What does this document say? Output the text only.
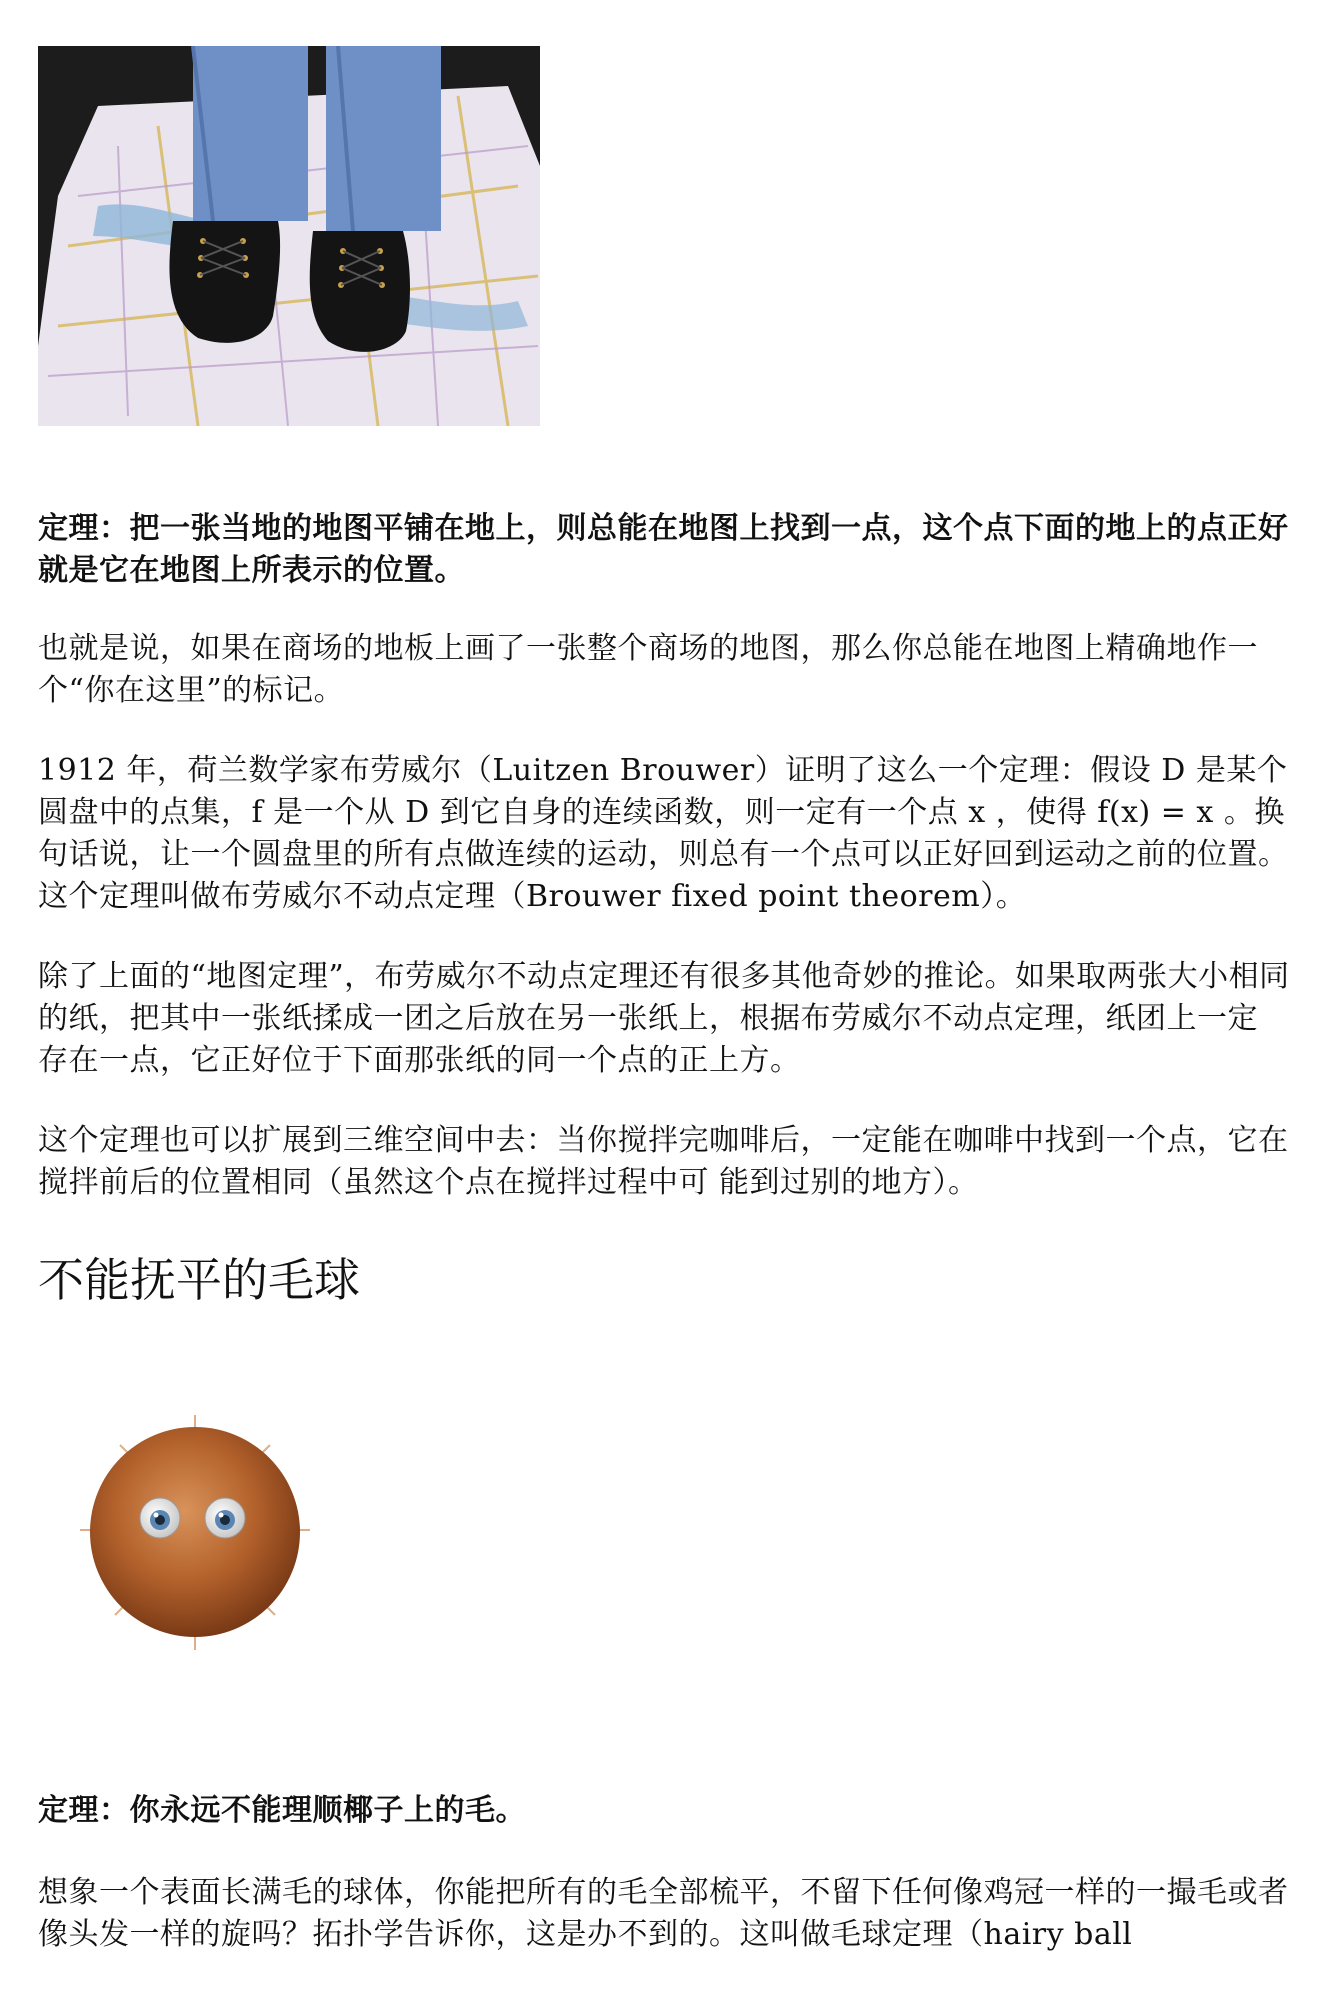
定理：把一张当地的地图平铺在地上，则总能在地图上找到一点，这个点下面的地上的点正好就是它在地图上所表示的位置。

也就是说，如果在商场的地板上画了一张整个商场的地图，那么你总能在地图上精确地作一个“你在这里”的标记。

1912 年，荷兰数学家布劳威尔（Luitzen Brouwer）证明了这么一个定理：假设 D 是某个圆盘中的点集，f 是一个从 D 到它自身的连续函数，则一定有一个点 x ，使得 f(x) = x 。换句话说，让一个圆盘里的所有点做连续的运动，则总有一个点可以正好回到运动之前的位置。这个定理叫做布劳威尔不动点定理（Brouwer fixed point theorem）。

除了上面的“地图定理”，布劳威尔不动点定理还有很多其他奇妙的推论。如果取两张大小相同的纸，把其中一张纸揉成一团之后放在另一张纸上，根据布劳威尔不动点定理，纸团上一定 存在一点，它正好位于下面那张纸的同一个点的正上方。

这个定理也可以扩展到三维空间中去：当你搅拌完咖啡后，一定能在咖啡中找到一个点，它在搅拌前后的位置相同（虽然这个点在搅拌过程中可 能到过别的地方）。

不能抚平的毛球

定理：你永远不能理顺椰子上的毛。

想象一个表面长满毛的球体，你能把所有的毛全部梳平，不留下任何像鸡冠一样的一撮毛或者像头发一样的旋吗？拓扑学告诉你，这是办不到的。这叫做毛球定理（hairy ball
